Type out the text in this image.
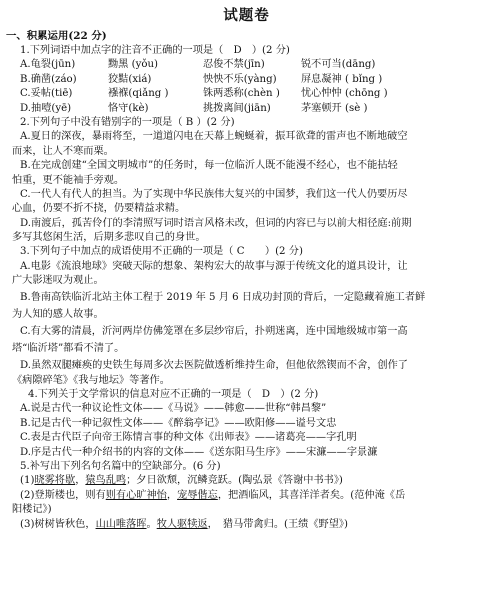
试题卷
一、积累运用(22 分)
1.下列词语中加点字的注音不正确的一项是（　D　）(2 分)
A.龟裂(jūn)	黝黑 (yǒu)	忍俊不禁(jīn)	锐不可当(dāng)
B.确凿(záo)	狡黠(xiá)	怏怏不乐(yàng) 屏息凝神 ( bǐng )
C.妥帖(tiē)	襁褓(qiǎng )	铢两悉称(chèn ) 忧心忡忡 (chōng )
D.抽噎(yē)	恪守(kè)	挑拨离间(jiān)	茅塞顿开 (sè )
2.下列句子中没有错别字的一项是（ B ）(2 分)
A.夏日的深夜，暴雨将至，一道道闪电在天幕上蜿蜒着，振耳欲聋的雷声也不断地破空
而来，让人不寒而栗。
B.在完成创建“全国文明城市”的任务时，每一位临沂人既不能漫不经心，也不能拈轻
怕重，更不能袖手旁观。
C.一代人有代人的担当。为了实现中华民族伟大复兴的中国梦，我们这一代人仍要历尽
心血，仍要不折不挠，仍要精益求精。
D.南渡后，孤苦伶仃的李清照写词时语言风格未改，但词的内容已与以前大相径庭:前期
多写其悠闲生活，后期多悲叹自己的身世。
3.下列句子中加点的成语使用不正确的一项是（ C　　）(2 分)
A.电影《流浪地球》突破天际的想象、架构宏大的故事与源于传统文化的道具设计，让
广大影迷叹为观止。
B.鲁南高铁临沂北站主体工程于 2019 年 5 月 6 日成功封顶的背后，一定隐藏着施工者鲜
为人知的感人故事。
C.有大雾的清晨，沂河两岸仿佛笼罩在多层纱帘后，扑朔迷离，连中国地级城市第一高
塔“临沂塔”都看不清了。
D.虽然双腿瘫痪的史铁生每周多次去医院做透析维持生命，但他依然锲而不舍，创作了
《病隙碎笔》《我与地坛》等著作。
4.下列关于文学常识的信息对应不正确的一项是（　D　）(2 分)
A.说是古代一种议论性文体——《马说》——韩愈——世称“韩昌黎”
B.记是古代一种记叙性文体——《醉翁亭记》——欧阳修——谥号文忠
C.表是古代臣子向帝王陈情言事的种文体《出师表》——诸葛亮——字孔明
D.序是古代一种介绍书的内容的文体——《送东阳马生序》——宋濂——字景濂
5.补写出下列名句名篇中的空缺部分。(6 分)
(1)晓雾将歇，猿鸟乱鸣；夕日欲颓，沉鳞竞跃。(陶弘景《答谢中书书》)
(2)登斯楼也，则有则有心旷神怡，宠辱偕忘，把酒临风，其喜洋洋者矣。(范仲淹《岳
阳楼记》)
(3)树树皆秋色，山山唯落晖。牧人驱犊返，　猎马带禽归。(王绩《野望》)
